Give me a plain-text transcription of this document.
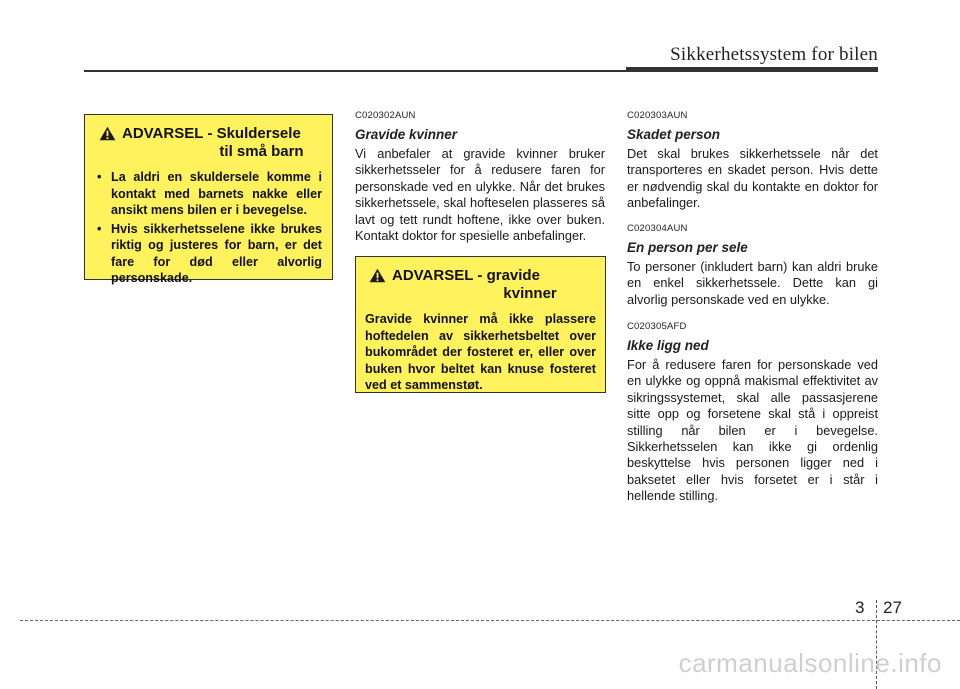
Sikkerhetssystem for bilen
ADVARSEL - Skuldersele
til små barn
• La aldri en skuldersele komme i kontakt med barnets nakke eller ansikt mens bilen er i bevegelse.
• Hvis sikkerhetsselene ikke brukes riktig og justeres for barn, er det fare for død eller alvorlig personskade.
C020302AUN
Gravide kvinner
Vi anbefaler at gravide kvinner bruker sikkerhetsseler for å redusere faren for personskade ved en ulykke. Når det brukes sikkerhetssele, skal hofteselen plasseres så lavt og tett rundt hoftene, ikke over buken. Kontakt doktor for spesielle anbefalinger.
ADVARSEL - gravide
kvinner
Gravide kvinner må ikke plassere hoftedelen av sikkerhetsbeltet over bukområdet der fosteret er, eller over buken hvor beltet kan knuse fosteret ved et sammenstøt.
C020303AUN
Skadet person
Det skal brukes sikkerhetssele når det transporteres en skadet person. Hvis dette er nødvendig skal du kontakte en doktor for anbefalinger.
C020304AUN
En person per sele
To personer (inkludert barn) kan aldri bruke en enkel sikkerhetssele. Dette kan gi alvorlig personskade ved en ulykke.
C020305AFD
Ikke ligg ned
For å redusere faren for personskade ved en ulykke og oppnå makismal effektivitet av sikringssystemet, skal alle passasjerene sitte opp og forsetene skal stå i oppreist stilling når bilen er i bevegelse. Sikkerhetsselen kan ikke gi ordenlig beskyttelse hvis personen ligger ned i baksetet eller hvis forsetet er i står i hellende stilling.
3 27
carmanualsonline.info
